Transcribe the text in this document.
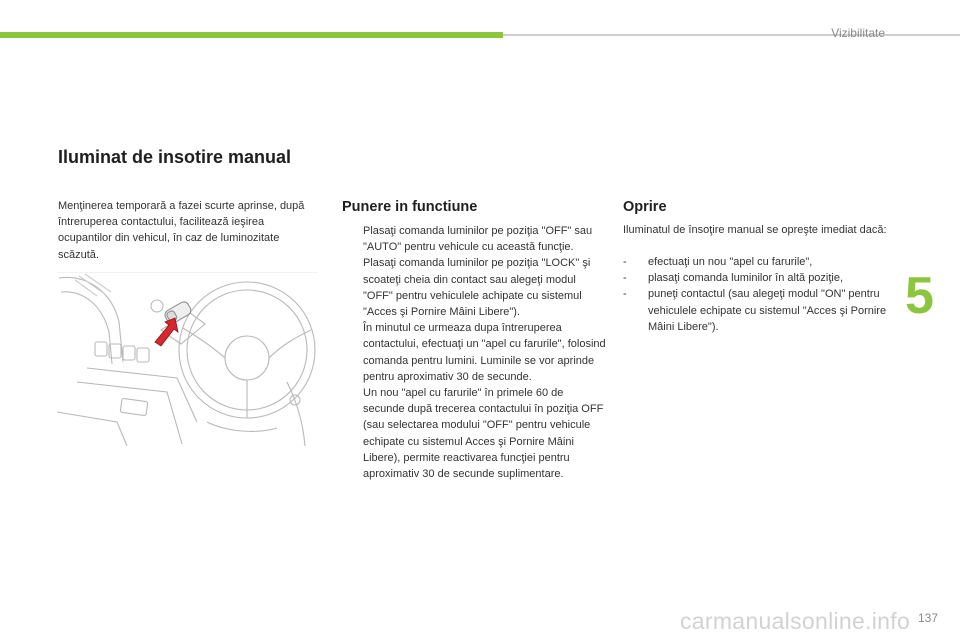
Vizibilitate
5
Iluminat de insotire manual

Menţinerea temporară a fazei scurte aprinse, după întreruperea contactului, facilitează ieşirea ocupantilor din vehicul, în caz de luminozitate scăzută.

Punere in functiune
Plasaţi comanda luminilor pe poziţia "OFF" sau "AUTO" pentru vehicule cu această funcţie.
Plasaţi comanda luminilor pe poziţia "LOCK" şi scoateţi cheia din contact sau alegeţi modul "OFF" pentru vehiculele achipate cu sistemul "Acces şi Pornire Mâini Libere").
În minutul ce urmeaza dupa întreruperea contactului, efectuaţi un "apel cu farurile", folosind comanda pentru lumini. Luminile se vor aprinde pentru aproximativ 30 de secunde.
Un nou "apel cu farurile" în primele 60 de secunde după trecerea contactului în poziţia OFF (sau selectarea modului "OFF" pentru vehicule echipate cu sistemul Acces şi Pornire Mâini Libere), permite reactivarea funcţiei pentru aproximativ 30 de secunde suplimentare.
Oprire

Iluminatul de însoţire manual se opreşte imediat dacă:

- efectuaţi un nou "apel cu farurile",
- plasaţi comanda luminilor în altă poziţie,
- puneţi contactul (sau alegeţi modul "ON" pentru vehiculele echipate cu sistemul "Acces şi Pornire Mâini Libere").
carmanualsonline.info 137
